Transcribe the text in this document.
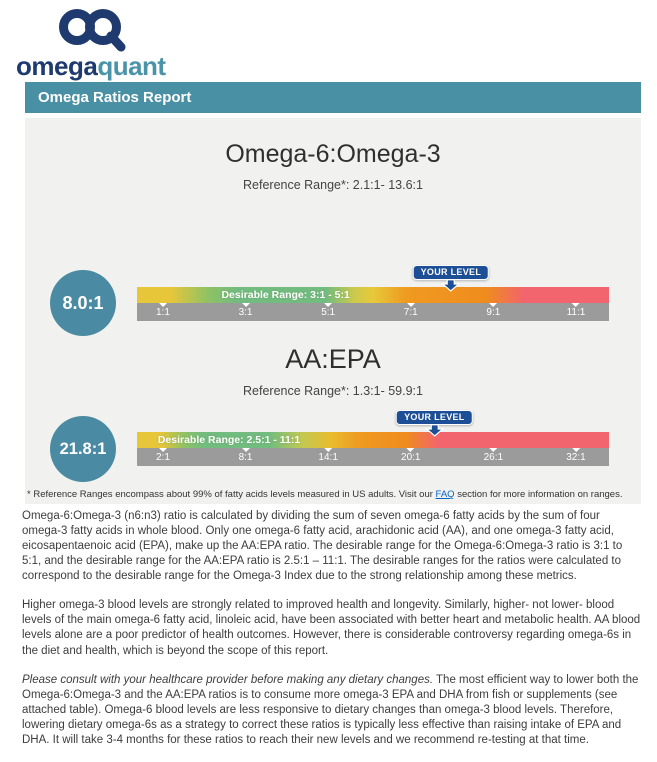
omegaquant
Omega Ratios Report
Omega-6:Omega-3
Reference Range*: 2.1:1- 13.6:1
8.0:1
YOUR LEVEL
Desirable Range: 3:1 - 5:1
1:1	3:1	5:1	7:1	9:1	11:1
AA:EPA
Reference Range*: 1.3:1- 59.9:1
21.8:1
YOUR LEVEL
Desirable Range: 2.5:1 - 11:1
2:1	8:1	14:1	20:1	26:1	32:1
* Reference Ranges encompass about 99% of fatty acids levels measured in US adults. Visit our FAQ section for more information on ranges.

Omega-6:Omega-3 (n6:n3) ratio is calculated by dividing the sum of seven omega-6 fatty acids by the sum of four omega-3 fatty acids in whole blood. Only one omega-6 fatty acid, arachidonic acid (AA), and one omega-3 fatty acid, eicosapentaenoic acid (EPA), make up the AA:EPA ratio. The desirable range for the Omega-6:Omega-3 ratio is 3:1 to 5:1, and the desirable range for the AA:EPA ratio is 2.5:1 – 11:1. The desirable ranges for the ratios were calculated to correspond to the desirable range for the Omega-3 Index due to the strong relationship among these metrics.

Higher omega-3 blood levels are strongly related to improved health and longevity. Similarly, higher- not lower- blood levels of the main omega-6 fatty acid, linoleic acid, have been associated with better heart and metabolic health. AA blood levels alone are a poor predictor of health outcomes. However, there is considerable controversy regarding omega-6s in the diet and health, which is beyond the scope of this report.

Please consult with your healthcare provider before making any dietary changes. The most efficient way to lower both the Omega-6:Omega-3 and the AA:EPA ratios is to consume more omega-3 EPA and DHA from fish or supplements (see attached table). Omega-6 blood levels are less responsive to dietary changes than omega-3 blood levels. Therefore, lowering dietary omega-6s as a strategy to correct these ratios is typically less effective than raising intake of EPA and DHA. It will take 3-4 months for these ratios to reach their new levels and we recommend re-testing at that time.
